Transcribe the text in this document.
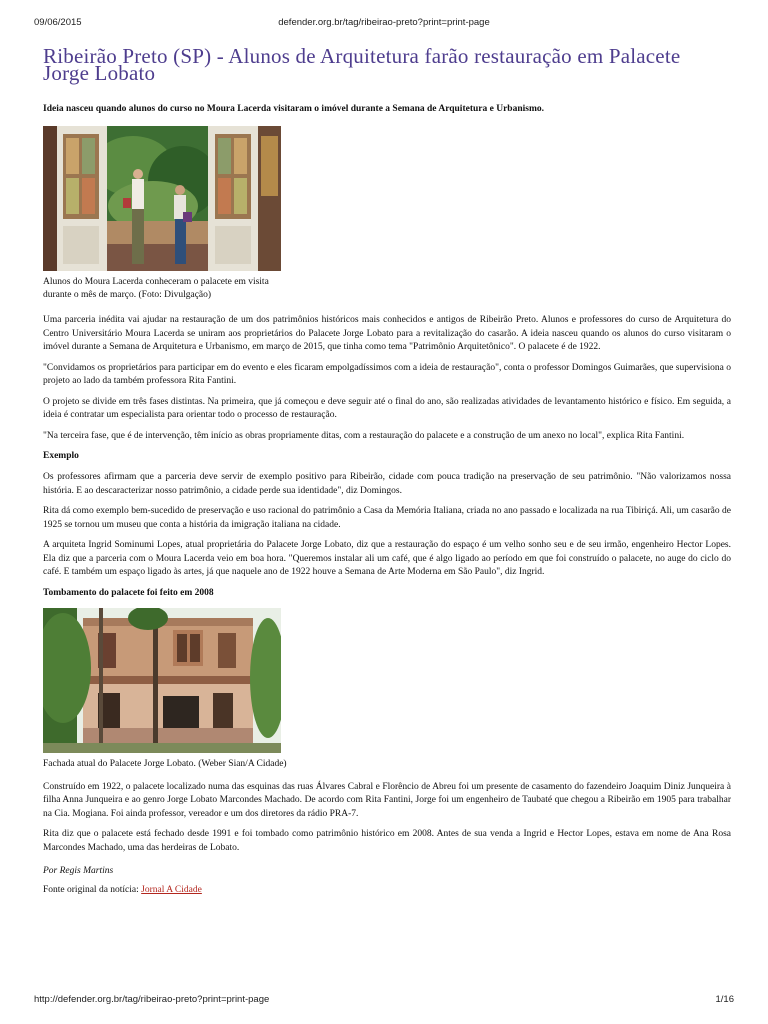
09/06/2015	defender.org.br/tag/ribeirao-preto?print=print-page
Ribeirão Preto (SP) - Alunos de Arquitetura farão restauração em Palacete Jorge Lobato
Ideia nasceu quando alunos do curso no Moura Lacerda visitaram o imóvel durante a Semana de Arquitetura e Urbanismo.
Alunos do Moura Lacerda conheceram o palacete em visita durante o mês de março. (Foto: Divulgação)

Uma parceria inédita vai ajudar na restauração de um dos patrimônios históricos mais conhecidos e antigos de Ribeirão Preto. Alunos e professores do curso de Arquitetura do Centro Universitário Moura Lacerda se uniram aos proprietários do Palacete Jorge Lobato para a revitalização do casarão. A ideia nasceu quando os alunos do curso visitaram o imóvel durante a Semana de Arquitetura e Urbanismo, em março de 2015, que tinha como tema "Patrimônio Arquitetônico". O palacete é de 1922.

"Convidamos os proprietários para participar em do evento e eles ficaram empolgadíssimos com a ideia de restauração", conta o professor Domingos Guimarães, que supervisiona o projeto ao lado da também professora Rita Fantini.

O projeto se divide em três fases distintas. Na primeira, que já começou e deve seguir até o final do ano, são realizadas atividades de levantamento histórico e físico. Em seguida, a ideia é contratar um especialista para orientar todo o processo de restauração.

"Na terceira fase, que é de intervenção, têm início as obras propriamente ditas, com a restauração do palacete e a construção de um anexo no local", explica Rita Fantini.

Exemplo

Os professores afirmam que a parceria deve servir de exemplo positivo para Ribeirão, cidade com pouca tradição na preservação de seu patrimônio. "Não valorizamos nossa história. E ao descaracterizar nosso patrimônio, a cidade perde sua identidade", diz Domingos.

Rita dá como exemplo bem-sucedido de preservação e uso racional do patrimônio a Casa da Memória Italiana, criada no ano passado e localizada na rua Tibiriçá. Ali, um casarão de 1925 se tornou um museu que conta a história da imigração italiana na cidade.

A arquiteta Ingrid Sominumi Lopes, atual proprietária do Palacete Jorge Lobato, diz que a restauração do espaço é um velho sonho seu e de seu irmão, engenheiro Hector Lopes. Ela diz que a parceria com o Moura Lacerda veio em boa hora. "Queremos instalar ali um café, que é algo ligado ao período em que foi construído o palacete, no auge do ciclo do café. E também um espaço ligado às artes, já que naquele ano de 1922 houve a Semana de Arte Moderna em São Paulo", diz Ingrid.

Tombamento do palacete foi feito em 2008
Fachada atual do Palacete Jorge Lobato. (Weber Sian/A Cidade)

Construído em 1922, o palacete localizado numa das esquinas das ruas Álvares Cabral e Florêncio de Abreu foi um presente de casamento do fazendeiro Joaquim Diniz Junqueira à filha Anna Junqueira e ao genro Jorge Lobato Marcondes Machado. De acordo com Rita Fantini, Jorge foi um engenheiro de Taubaté que chegou a Ribeirão em 1905 para trabalhar na Cia. Mogiana. Foi ainda professor, vereador e um dos diretores da rádio PRA-7.

Rita diz que o palacete está fechado desde 1991 e foi tombado como patrimônio histórico em 2008. Antes de sua venda a Ingrid e Hector Lopes, estava em nome de Ana Rosa Marcondes Machado, uma das herdeiras de Lobato.

Por Regis Martins
Fonte original da notícia: Jornal A Cidade
http://defender.org.br/tag/ribeirao-preto?print=print-page	1/16
